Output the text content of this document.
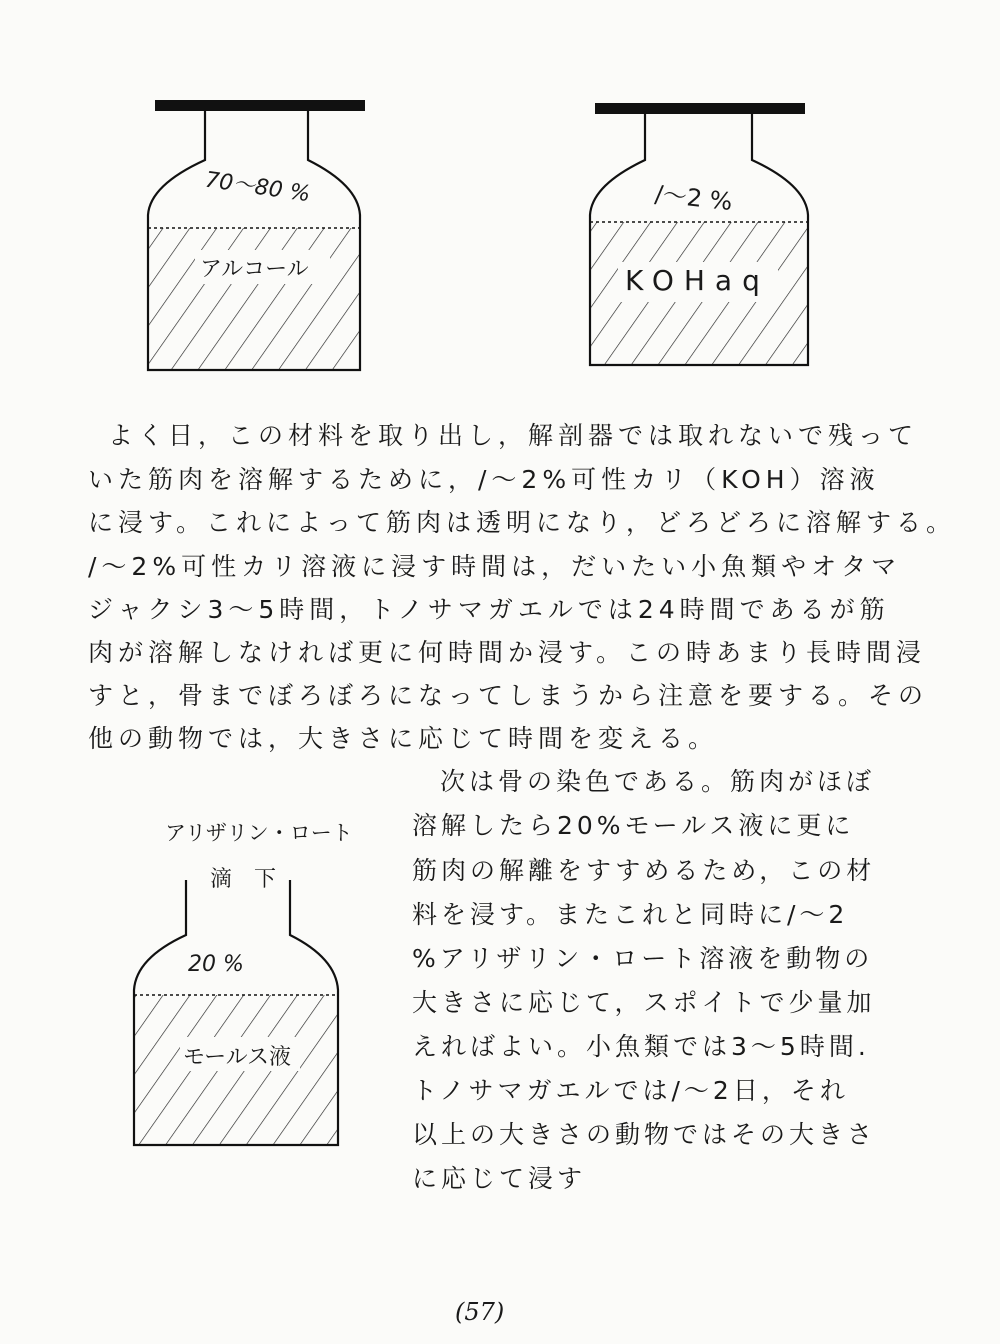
70～80 %
アルコール
/～2 %
KOHaq
アリザリン・ロート
滴　下
20 %
モールス液
よく日，この材料を取り出し，解剖器では取れないで残って
いた筋肉を溶解するために，/～2%可性カリ（KOH）溶液
に浸す。これによって筋肉は透明になり，どろどろに溶解する。
/～2%可性カリ溶液に浸す時間は，だいたい小魚類やオタマ
ジャクシ3～5時間，トノサマガエルでは24時間であるが筋
肉が溶解しなければ更に何時間か浸す。この時あまり長時間浸
すと，骨までぼろぼろになってしまうから注意を要する。その
他の動物では，大きさに応じて時間を変える。
次は骨の染色である。筋肉がほぼ
溶解したら20%モールス液に更に
筋肉の解離をすすめるため，この材
料を浸す。またこれと同時に/～2
%アリザリン・ロート溶液を動物の
大きさに応じて，スポイトで少量加
えればよい。小魚類では3～5時間.
トノサマガエルでは/～2日，それ
以上の大きさの動物ではその大きさ
に応じて浸す
(57)
